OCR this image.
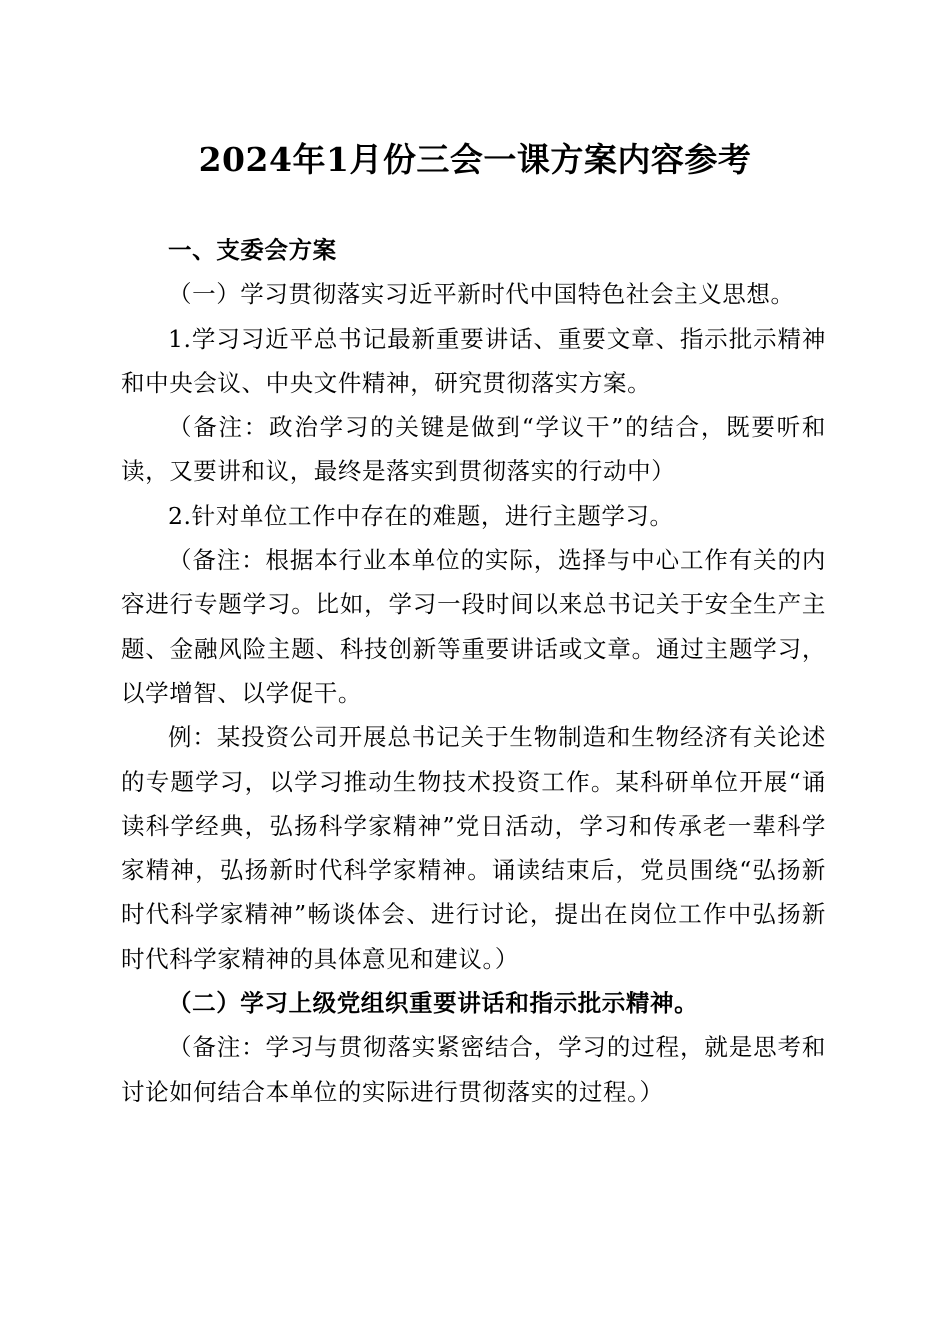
2024年1月份三会一课方案内容参考

一、支委会方案

（一）学习贯彻落实习近平新时代中国特色社会主义思想。

1.学习习近平总书记最新重要讲话、重要文章、指示批示精神和中央会议、中央文件精神，研究贯彻落实方案。

（备注：政治学习的关键是做到“学议干”的结合，既要听和读，又要讲和议，最终是落实到贯彻落实的行动中）

2.针对单位工作中存在的难题，进行主题学习。

（备注：根据本行业本单位的实际，选择与中心工作有关的内容进行专题学习。比如，学习一段时间以来总书记关于安全生产主题、金融风险主题、科技创新等重要讲话或文章。通过主题学习，以学增智、以学促干。

例：某投资公司开展总书记关于生物制造和生物经济有关论述的专题学习，以学习推动生物技术投资工作。某科研单位开展“诵读科学经典，弘扬科学家精神”党日活动，学习和传承老一辈科学家精神，弘扬新时代科学家精神。诵读结束后，党员围绕“弘扬新时代科学家精神”畅谈体会、进行讨论，提出在岗位工作中弘扬新时代科学家精神的具体意见和建议。）

（二）学习上级党组织重要讲话和指示批示精神。

（备注：学习与贯彻落实紧密结合，学习的过程，就是思考和讨论如何结合本单位的实际进行贯彻落实的过程。）
